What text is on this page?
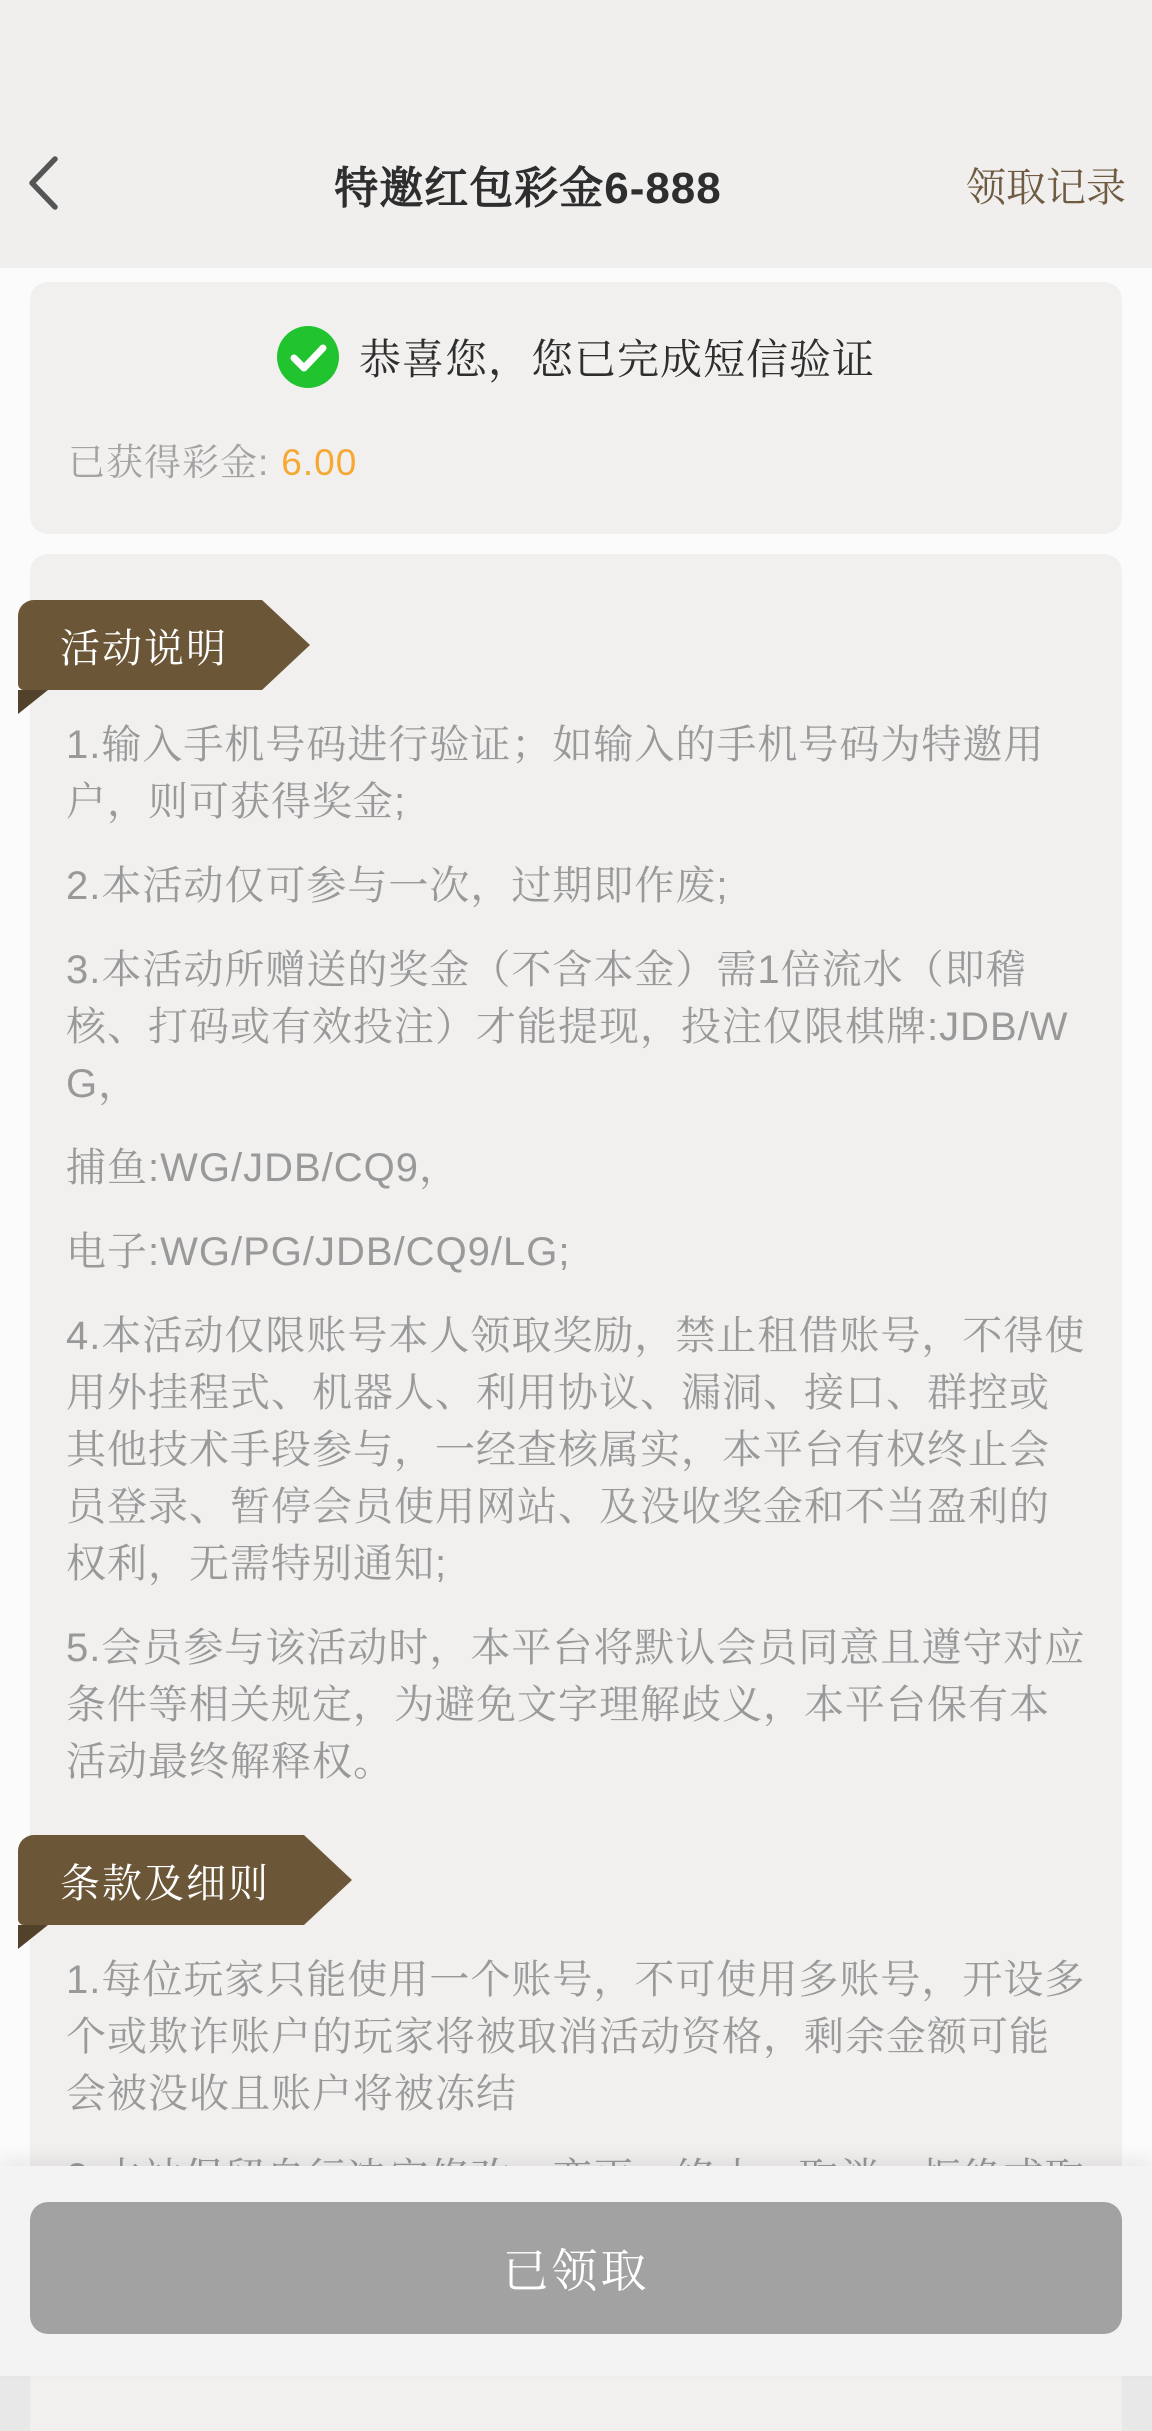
特邀红包彩金6-888	领取记录
恭喜您，您已完成短信验证
已获得彩金: 6.00
活动说明

1.输入手机号码进行验证；如输入的手机号码为特邀用户，则可获得奖金;

2.本活动仅可参与一次，过期即作废;

3.本活动所赠送的奖金（不含本金）需1倍流水（即稽核、打码或有效投注）才能提现，投注仅限棋牌:JDB/WG，

捕鱼:WG/JDB/CQ9，

电子:WG/PG/JDB/CQ9/LG;

4.本活动仅限账号本人领取奖励，禁止租借账号，不得使用外挂程式、机器人、利用协议、漏洞、接口、群控或其他技术手段参与，一经查核属实，本平台有权终止会员登录、暂停会员使用网站、及没收奖金和不当盈利的权利，无需特别通知;

5.会员参与该活动时，本平台将默认会员同意且遵守对应条件等相关规定，为避免文字理解歧义，本平台保有本活动最终解释权。

条款及细则

1.每位玩家只能使用一个账号，不可使用多账号，开设多个或欺诈账户的玩家将被取消活动资格，剩余金额可能会被没收且账户将被冻结

已领取
